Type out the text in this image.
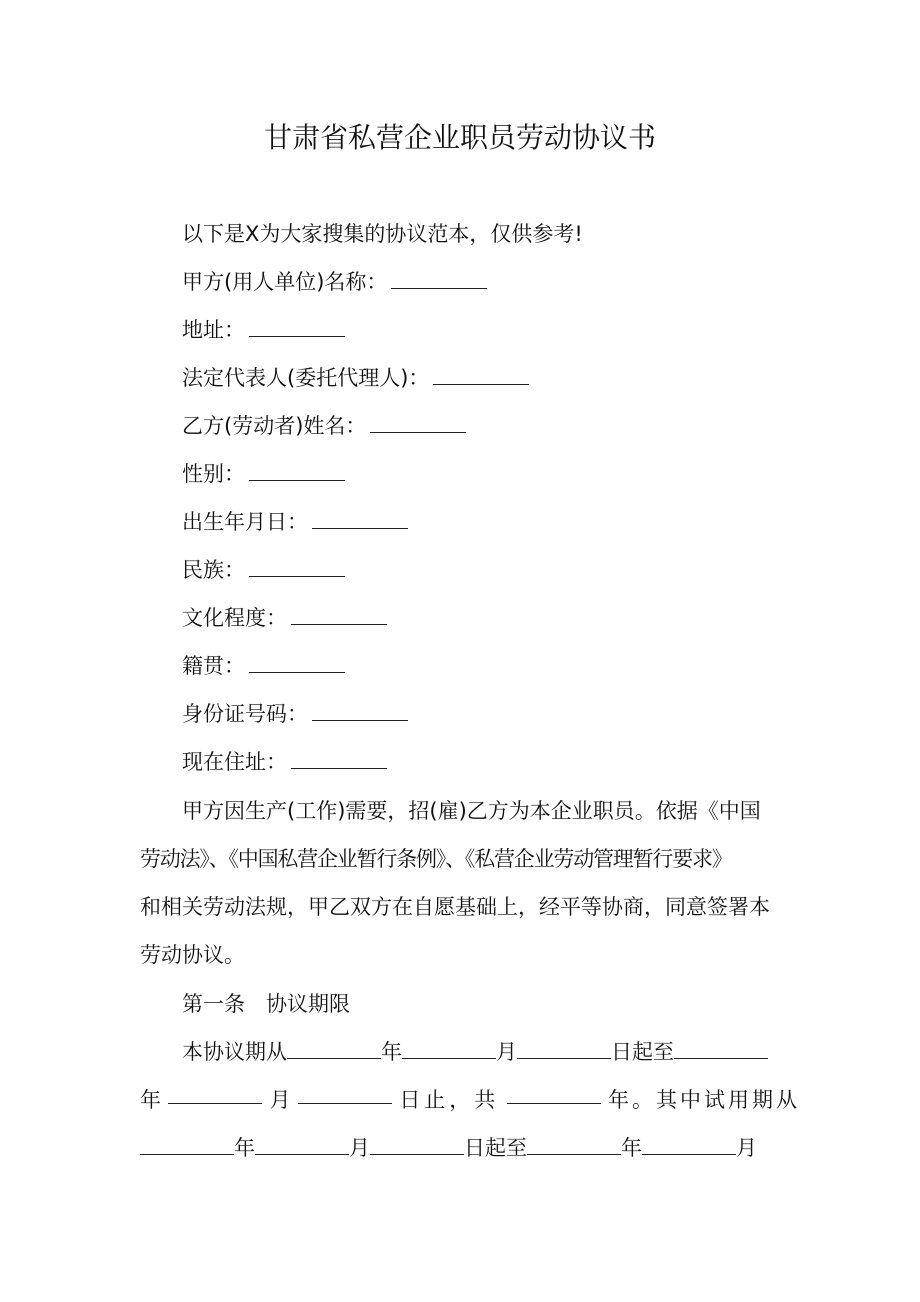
甘肃省私营企业职员劳动协议书
以下是X为大家搜集的协议范本，仅供参考!
甲方(用人单位)名称：
地址：
法定代表人(委托代理人)：
乙方(劳动者)姓名：
性别：
出生年月日：
民族：
文化程度：
籍贯：
身份证号码：
现在住址：
甲方因生产(工作)需要，招(雇)乙方为本企业职员。依据《中国
劳动法》、《中国私营企业暂行条例》、《私营企业劳动管理暂行要求》
和相关劳动法规，甲乙双方在自愿基础上，经平等协商，同意签署本
劳动协议。
第一条　协议期限
本协议期从	年	月	日起至
年	月	日止，共	年。其中试用期从
年	月	日起至	年	月
